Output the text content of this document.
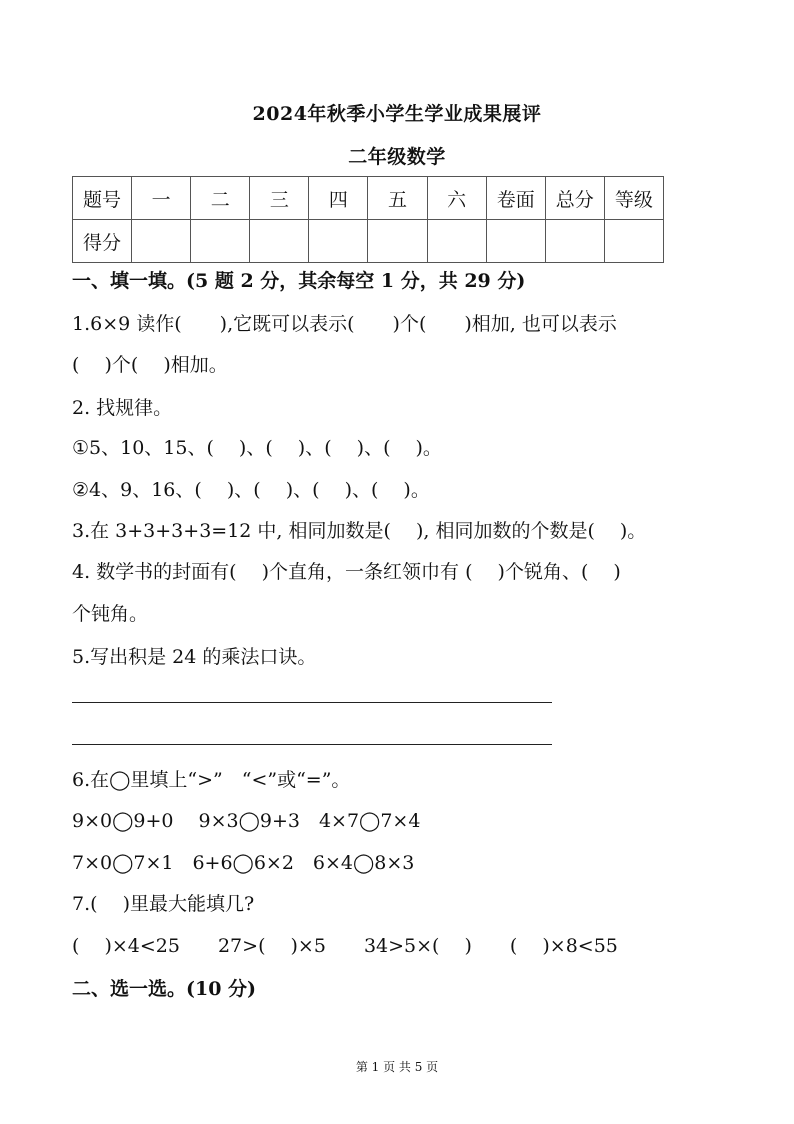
2024年秋季小学生学业成果展评
二年级数学
题号	一	二	三	四	五	六	卷面	总分	等级
得分									
一、填一填。(5 题 2 分，其余每空 1 分，共 29 分)
1.6×9 读作(　　),它既可以表示(　　)个(　　)相加, 也可以表示
(　 )个(　 )相加。
2. 找规律。
①5、10、15、(　 )、(　 )、(　 )、(　 )。
②4、9、16、(　 )、(　 )、(　 )、(　 )。
3.在 3+3+3+3=12 中, 相同加数是(　 ), 相同加数的个数是(　 )。
4. 数学书的封面有(　 )个直角，一条红领巾有 (　 )个锐角、(　 )
个钝角。
5.写出积是 24 的乘法口诀。
6.在◯里填上“>”　“<”或“=”。
9×0◯9+0　 9×3◯9+3　4×7◯7×4
7×0◯7×1　6+6◯6×2　6×4◯8×3
7.(　 )里最大能填几?
(　 )×4<25　　27>(　 )×5　　34>5×(　 )　　(　 )×8<55
二、选一选。(10 分)
第 1 页 共 5 页
